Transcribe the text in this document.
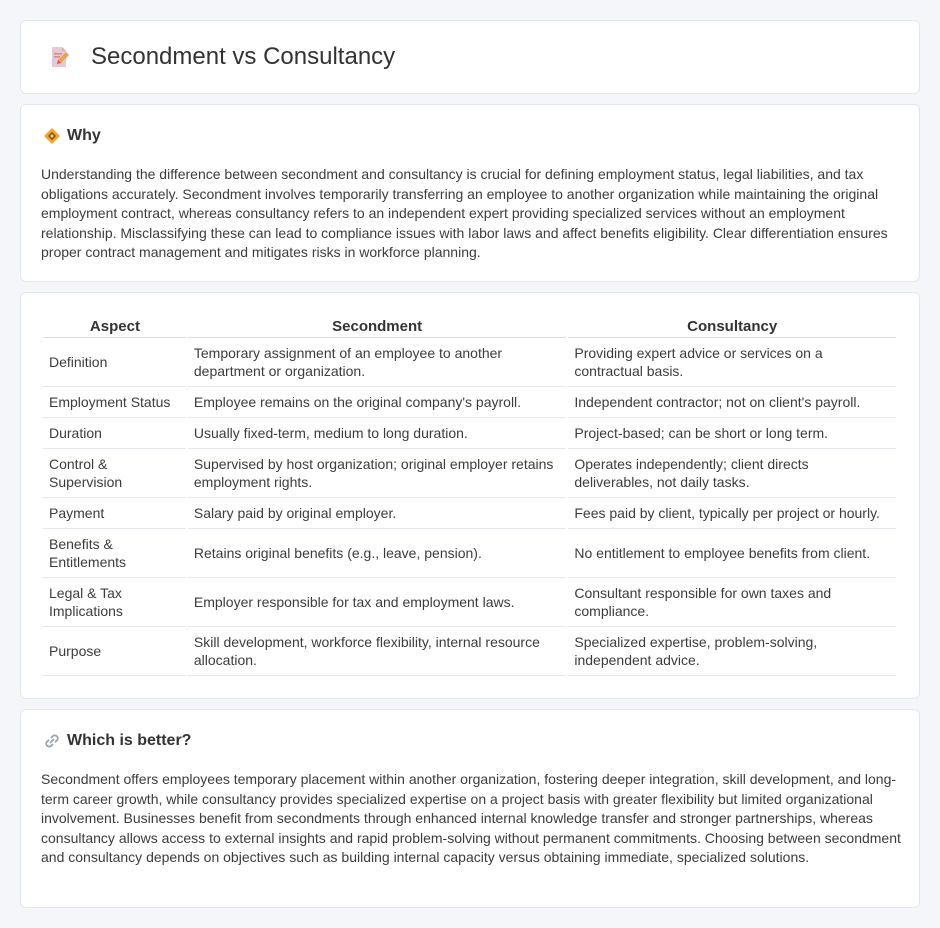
Secondment vs Consultancy
Why

Understanding the difference between secondment and consultancy is crucial for defining employment status, legal liabilities, and tax obligations accurately. Secondment involves temporarily transferring an employee to another organization while maintaining the original employment contract, whereas consultancy refers to an independent expert providing specialized services without an employment relationship. Misclassifying these can lead to compliance issues with labor laws and affect benefits eligibility. Clear differentiation ensures proper contract management and mitigates risks in workforce planning.

Aspect	Secondment	Consultancy
Definition	Temporary assignment of an employee to another department or organization.	Providing expert advice or services on a contractual basis.
Employment Status	Employee remains on the original company's payroll.	Independent contractor; not on client's payroll.
Duration	Usually fixed-term, medium to long duration.	Project-based; can be short or long term.
Control & Supervision	Supervised by host organization; original employer retains employment rights.	Operates independently; client directs deliverables, not daily tasks.
Payment	Salary paid by original employer.	Fees paid by client, typically per project or hourly.
Benefits & Entitlements	Retains original benefits (e.g., leave, pension).	No entitlement to employee benefits from client.
Legal & Tax Implications	Employer responsible for tax and employment laws.	Consultant responsible for own taxes and compliance.
Purpose	Skill development, workforce flexibility, internal resource allocation.	Specialized expertise, problem-solving, independent advice.
Which is better?

Secondment offers employees temporary placement within another organization, fostering deeper integration, skill development, and long-term career growth, while consultancy provides specialized expertise on a project basis with greater flexibility but limited organizational involvement. Businesses benefit from secondments through enhanced internal knowledge transfer and stronger partnerships, whereas consultancy allows access to external insights and rapid problem-solving without permanent commitments. Choosing between secondment and consultancy depends on objectives such as building internal capacity versus obtaining immediate, specialized solutions.
